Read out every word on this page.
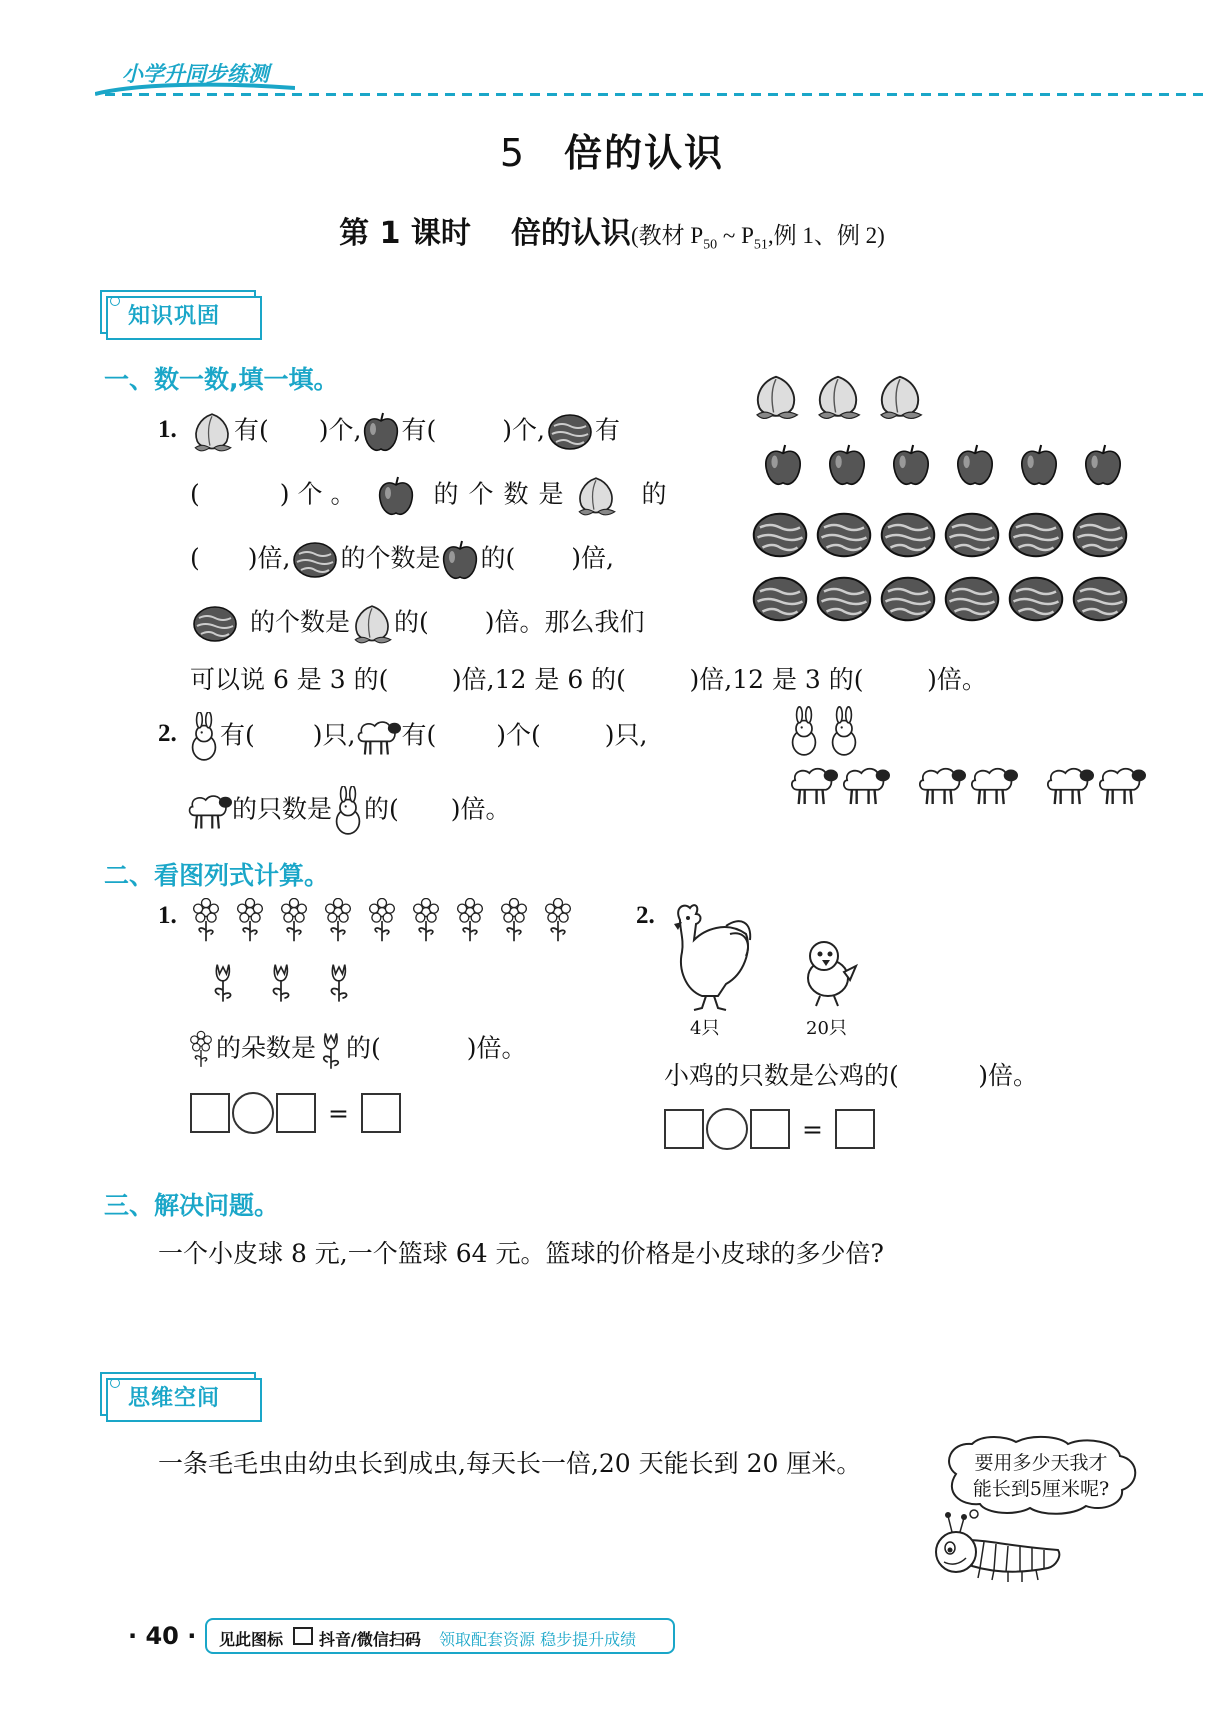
小学升同步练测
5 倍的认识
第 1 课时 倍的认识(教材 $P_{50}$ ~ $P_{51}$,例 1、例 2)
知识巩固
一、数一数,填一填。
1.	有( )个, 有(	)个, 有
(	)个。	的个数是	的
( )倍, 的个数是 的( )倍,
的个数是 的( )倍。那么我们
可以说 6 是 3 的(        )倍,12 是 6 的(        )倍,12 是 3 的(        )倍。
2.	有( )只, 有( )个(	)只,
的只数是 的( )倍。
二、看图列式计算。
1.
的朵数是 的(	)倍。
=
2.
4只	20只
小鸡的只数是公鸡的(          )倍。
=
三、解决问题。
一个小皮球 8 元,一个篮球 64 元。篮球的价格是小皮球的多少倍?
思维空间
一条毛毛虫由幼虫长到成虫,每天长一倍,20 天能长到 20 厘米。	要用多少天我才
能长到5厘米呢?
· 40 · 见此图标 抖音/微信扫码 领取配套资源 稳步提升成绩
